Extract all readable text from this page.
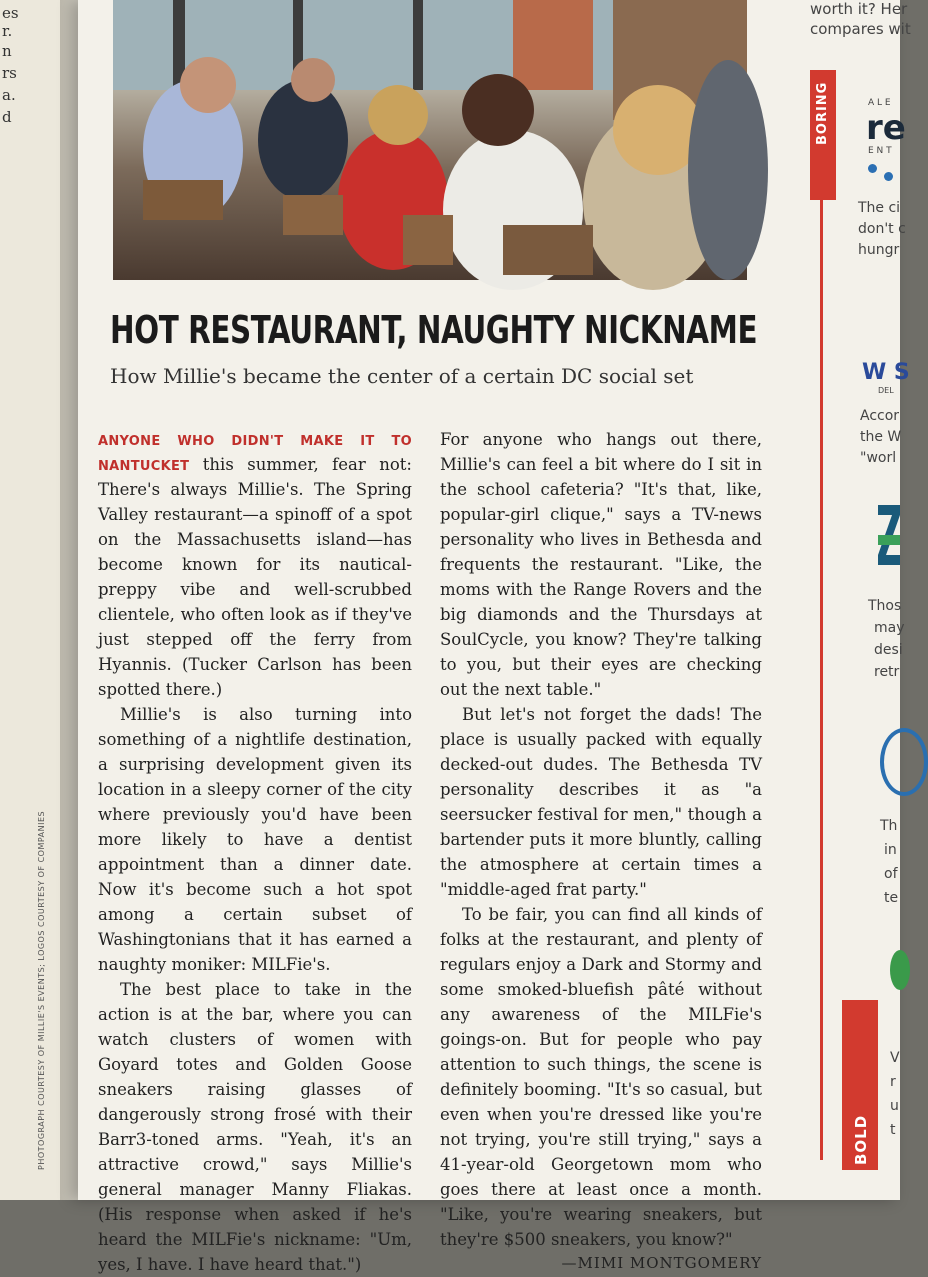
es
r.
n
rs
a.
d
PHOTOGRAPH COURTESY OF MILLIE'S EVENTS; LOGOS COURTESY OF COMPANIES
HOT RESTAURANT, NAUGHTY NICKNAME
How Millie's became the center of a certain DC social set

ANYONE WHO DIDN'T MAKE IT TO NANTUCKET this summer, fear not: There's always Millie's. The Spring Valley restaurant—a spinoff of a spot on the Massachusetts island—has become known for its nautical-preppy vibe and well-scrubbed clientele, who often look as if they've just stepped off the ferry from Hyannis. (Tucker Carlson has been spotted there.)

Millie's is also turning into something of a nightlife destination, a surprising development given its location in a sleepy corner of the city where previously you'd have been more likely to have a dentist appointment than a dinner date. Now it's become such a hot spot among a certain subset of Washingtonians that it has earned a naughty moniker: MILFie's.

The best place to take in the action is at the bar, where you can watch clusters of women with Goyard totes and Golden Goose sneakers raising glasses of dangerously strong frosé with their Barr3-toned arms. "Yeah, it's an attractive crowd," says Millie's general manager Manny Fliakas. (His response when asked if he's heard the MILFie's nickname: "Um, yes, I have. I have heard that.")

For anyone who hangs out there, Millie's can feel a bit where do I sit in the school cafeteria? "It's that, like, popular-girl clique," says a TV-news personality who lives in Bethesda and frequents the restaurant. "Like, the moms with the Range Rovers and the big diamonds and the Thursdays at SoulCycle, you know? They're talking to you, but their eyes are checking out the next table."

But let's not forget the dads! The place is usually packed with equally decked-out dudes. The Bethesda TV personality describes it as "a seersucker festival for men," though a bartender puts it more bluntly, calling the atmosphere at certain times a "middle-aged frat party."

To be fair, you can find all kinds of folks at the restaurant, and plenty of regulars enjoy a Dark and Stormy and some smoked-bluefish pâté without any awareness of the MILFie's goings-on. But for people who pay attention to such things, the scene is definitely booming. "It's so casual, but even when you're dressed like you're not trying, you're still trying," says a 41-year-old Georgetown mom who goes there at least once a month. "Like, you're wearing sneakers, but they're $500 sneakers, you know?"

—MIMI MONTGOMERY
worth it? Her
compares wit
BORING
BOLD
A L E
re
E N T
The ci
don't c
hungr
W S
DEL
Accor
the W
"worl
Thos
may
desi
retr
Th
in
of
te
V
r
u
t
